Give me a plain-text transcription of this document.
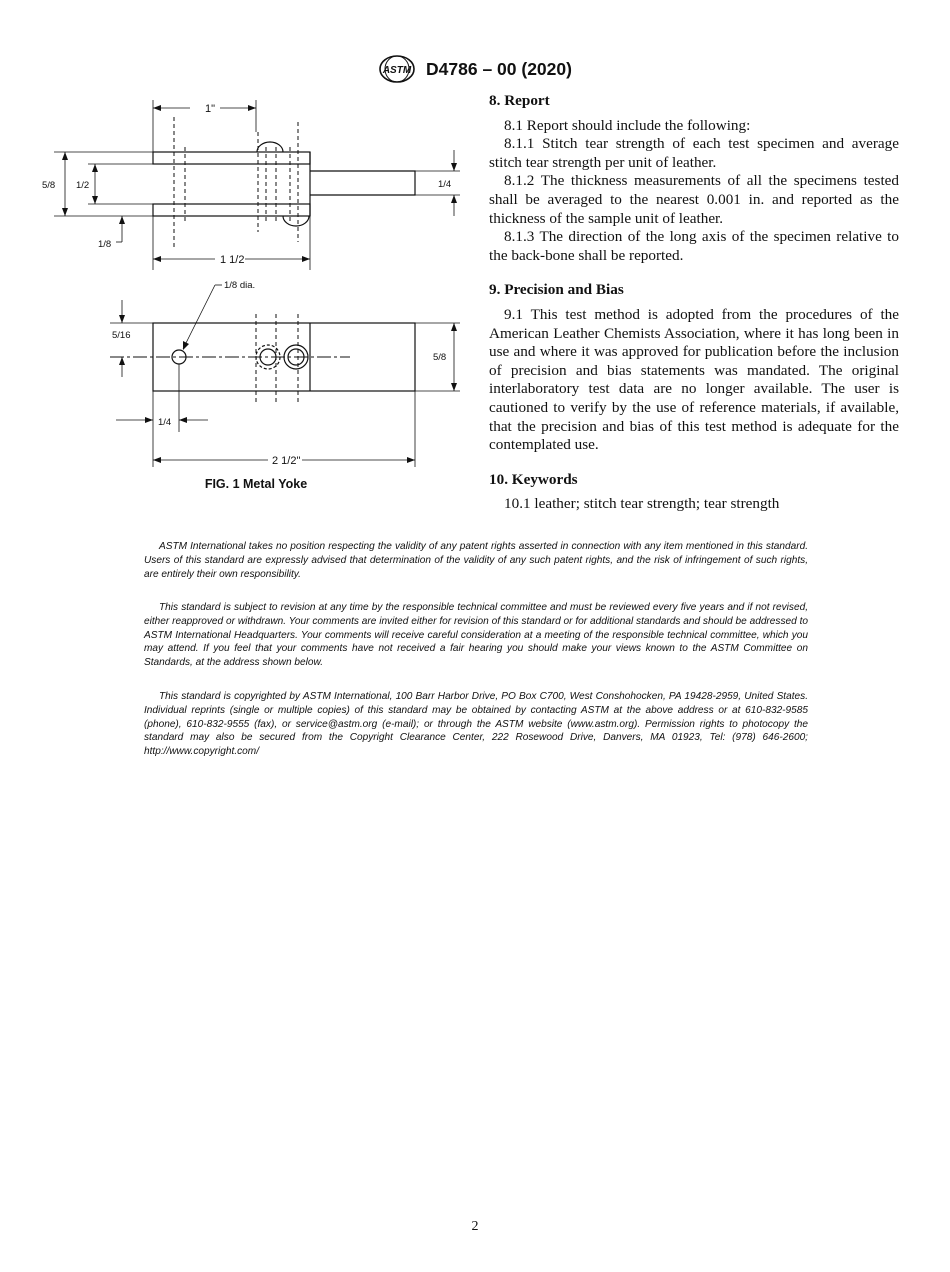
ASTM D4786 – 00 (2020)
1"
5/8 1/2	1/4
1/8
1 1/2
1/8 dia.
5/16
5/8
1/4
2 1/2"
FIG. 1 Metal Yoke
8. Report

8.1 Report should include the following:

8.1.1 Stitch tear strength of each test specimen and average stitch tear strength per unit of leather.

8.1.2 The thickness measurements of all the specimens tested shall be averaged to the nearest 0.001 in. and reported as the thickness of the sample unit of leather.

8.1.3 The direction of the long axis of the specimen relative to the back-bone shall be reported.

9. Precision and Bias

9.1 This test method is adopted from the procedures of the American Leather Chemists Association, where it has long been in use and where it was approved for publication before the inclusion of precision and bias statements was mandated. The original interlaboratory test data are no longer available. The user is cautioned to verify by the use of reference materials, if available, that the precision and bias of this test method is adequate for the contemplated use.

10. Keywords

10.1 leather; stitch tear strength; tear strength

ASTM International takes no position respecting the validity of any patent rights asserted in connection with any item mentioned in this standard. Users of this standard are expressly advised that determination of the validity of any such patent rights, and the risk of infringement of such rights, are entirely their own responsibility.

This standard is subject to revision at any time by the responsible technical committee and must be reviewed every five years and if not revised, either reapproved or withdrawn. Your comments are invited either for revision of this standard or for additional standards and should be addressed to ASTM International Headquarters. Your comments will receive careful consideration at a meeting of the responsible technical committee, which you may attend. If you feel that your comments have not received a fair hearing you should make your views known to the ASTM Committee on Standards, at the address shown below.

This standard is copyrighted by ASTM International, 100 Barr Harbor Drive, PO Box C700, West Conshohocken, PA 19428-2959, United States. Individual reprints (single or multiple copies) of this standard may be obtained by contacting ASTM at the above address or at 610-832-9585 (phone), 610-832-9555 (fax), or service@astm.org (e-mail); or through the ASTM website (www.astm.org). Permission rights to photocopy the standard may also be secured from the Copyright Clearance Center, 222 Rosewood Drive, Danvers, MA 01923, Tel: (978) 646-2600; http://www.copyright.com/

2
